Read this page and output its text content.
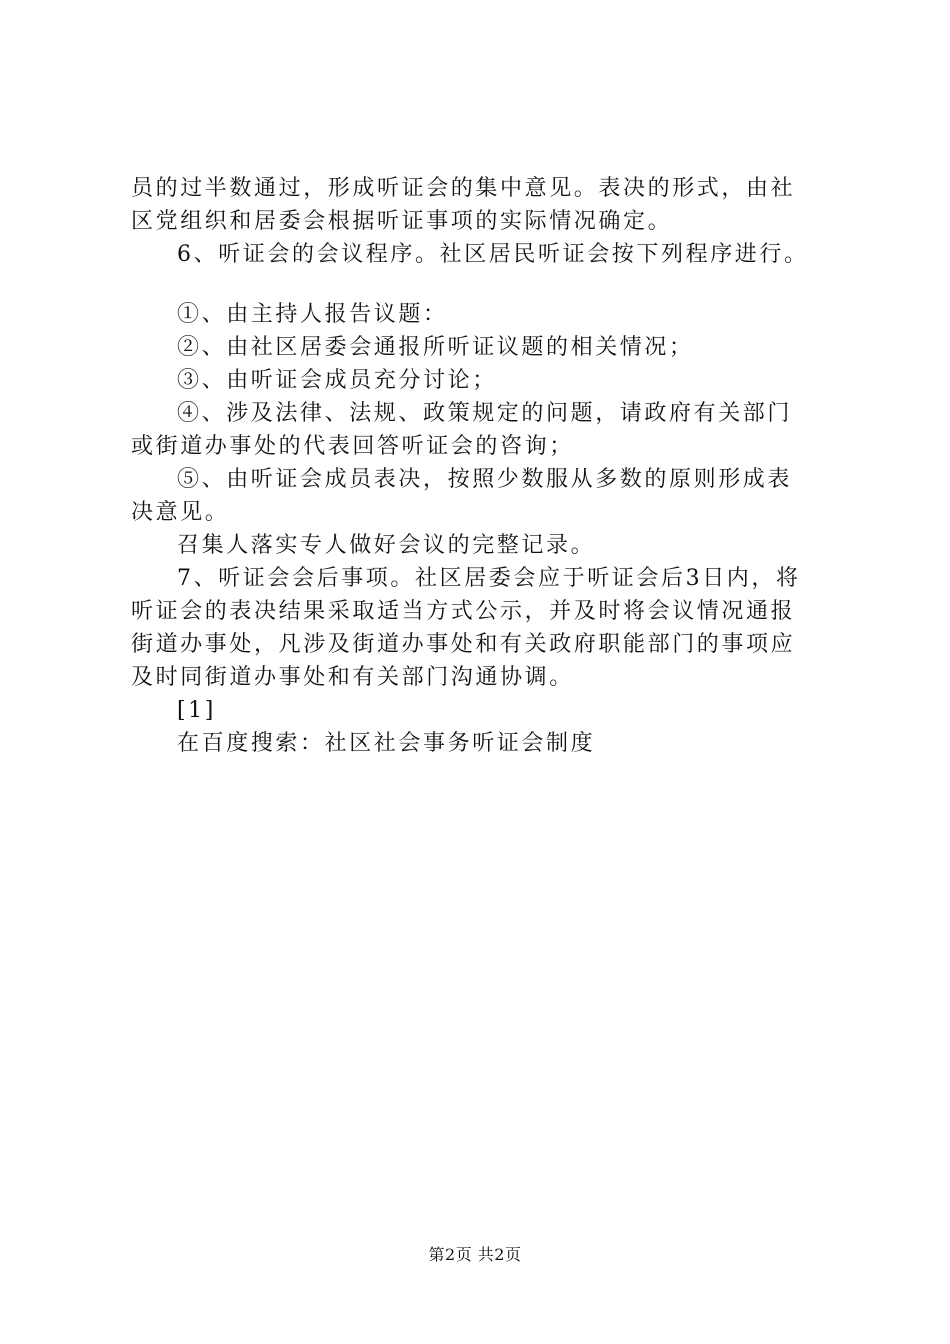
员的过半数通过，形成听证会的集中意见。表决的形式，由社
区党组织和居委会根据听证事项的实际情况确定。
6、听证会的会议程序。社区居民听证会按下列程序进行。
①、由主持人报告议题：
②、由社区居委会通报所听证议题的相关情况；
③、由听证会成员充分讨论；
④、涉及法律、法规、政策规定的问题，请政府有关部门
或街道办事处的代表回答听证会的咨询；
⑤、由听证会成员表决，按照少数服从多数的原则形成表
决意见。
召集人落实专人做好会议的完整记录。
7、听证会会后事项。社区居委会应于听证会后3日内，将
听证会的表决结果采取适当方式公示，并及时将会议情况通报
街道办事处，凡涉及街道办事处和有关政府职能部门的事项应
及时同街道办事处和有关部门沟通协调。
[1]
在百度搜索：社区社会事务听证会制度
第2页 共2页
